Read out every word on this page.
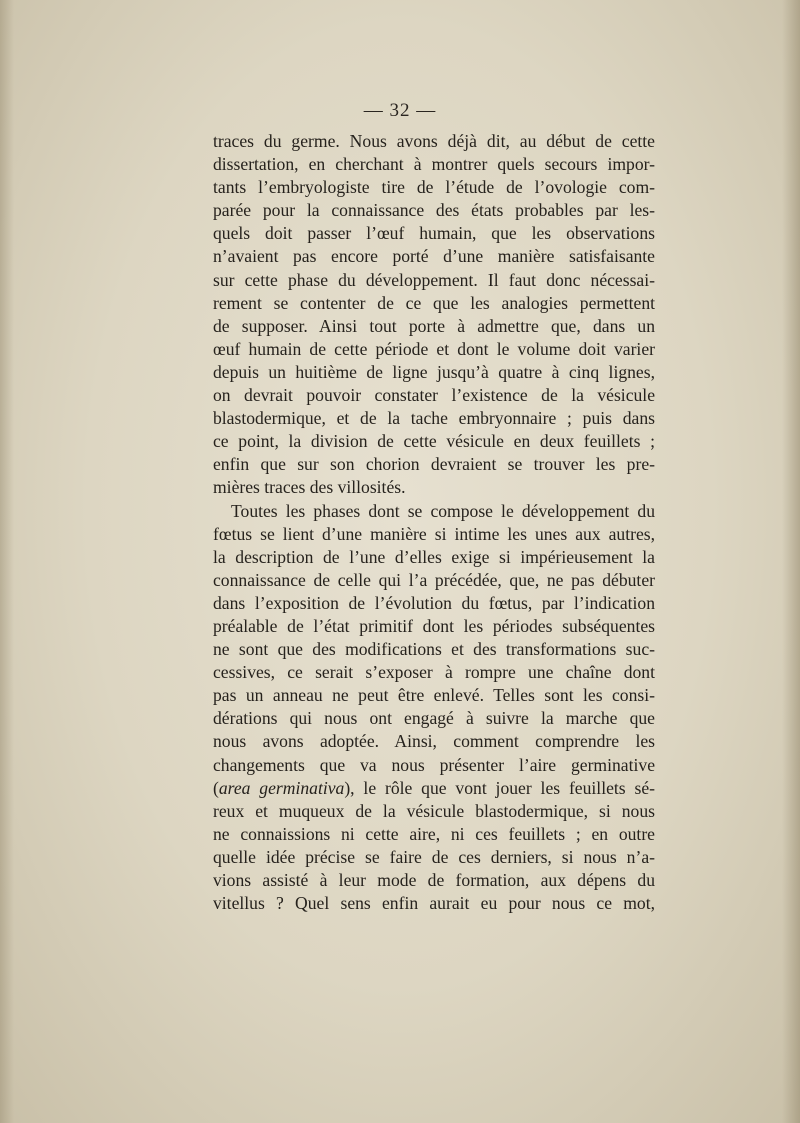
— 32 —
traces du germe. Nous avons déjà dit, au début de cette
dissertation, en cherchant à montrer quels secours impor-
tants l’embryologiste tire de l’étude de l’ovologie com-
parée pour la connaissance des états probables par les-
quels doit passer l’œuf humain, que les observations
n’avaient pas encore porté d’une manière satisfaisante
sur cette phase du développement. Il faut donc nécessai-
rement se contenter de ce que les analogies permettent
de supposer. Ainsi tout porte à admettre que, dans un
œuf humain de cette période et dont le volume doit varier
depuis un huitième de ligne jusqu’à quatre à cinq lignes,
on devrait pouvoir constater l’existence de la vésicule
blastodermique, et de la tache embryonnaire ; puis dans
ce point, la division de cette vésicule en deux feuillets ;
enfin que sur son chorion devraient se trouver les pre-
mières traces des villosités.
Toutes les phases dont se compose le développement du
fœtus se lient d’une manière si intime les unes aux autres,
la description de l’une d’elles exige si impérieusement la
connaissance de celle qui l’a précédée, que, ne pas débuter
dans l’exposition de l’évolution du fœtus, par l’indication
préalable de l’état primitif dont les périodes subséquentes
ne sont que des modifications et des transformations suc-
cessives, ce serait s’exposer à rompre une chaîne dont
pas un anneau ne peut être enlevé. Telles sont les consi-
dérations qui nous ont engagé à suivre la marche que
nous avons adoptée. Ainsi, comment comprendre les
changements que va nous présenter l’aire germinative
(area germinativa), le rôle que vont jouer les feuillets sé-
reux et muqueux de la vésicule blastodermique, si nous
ne connaissions ni cette aire, ni ces feuillets ; en outre
quelle idée précise se faire de ces derniers, si nous n’a-
vions assisté à leur mode de formation, aux dépens du
vitellus ? Quel sens enfin aurait eu pour nous ce mot,
